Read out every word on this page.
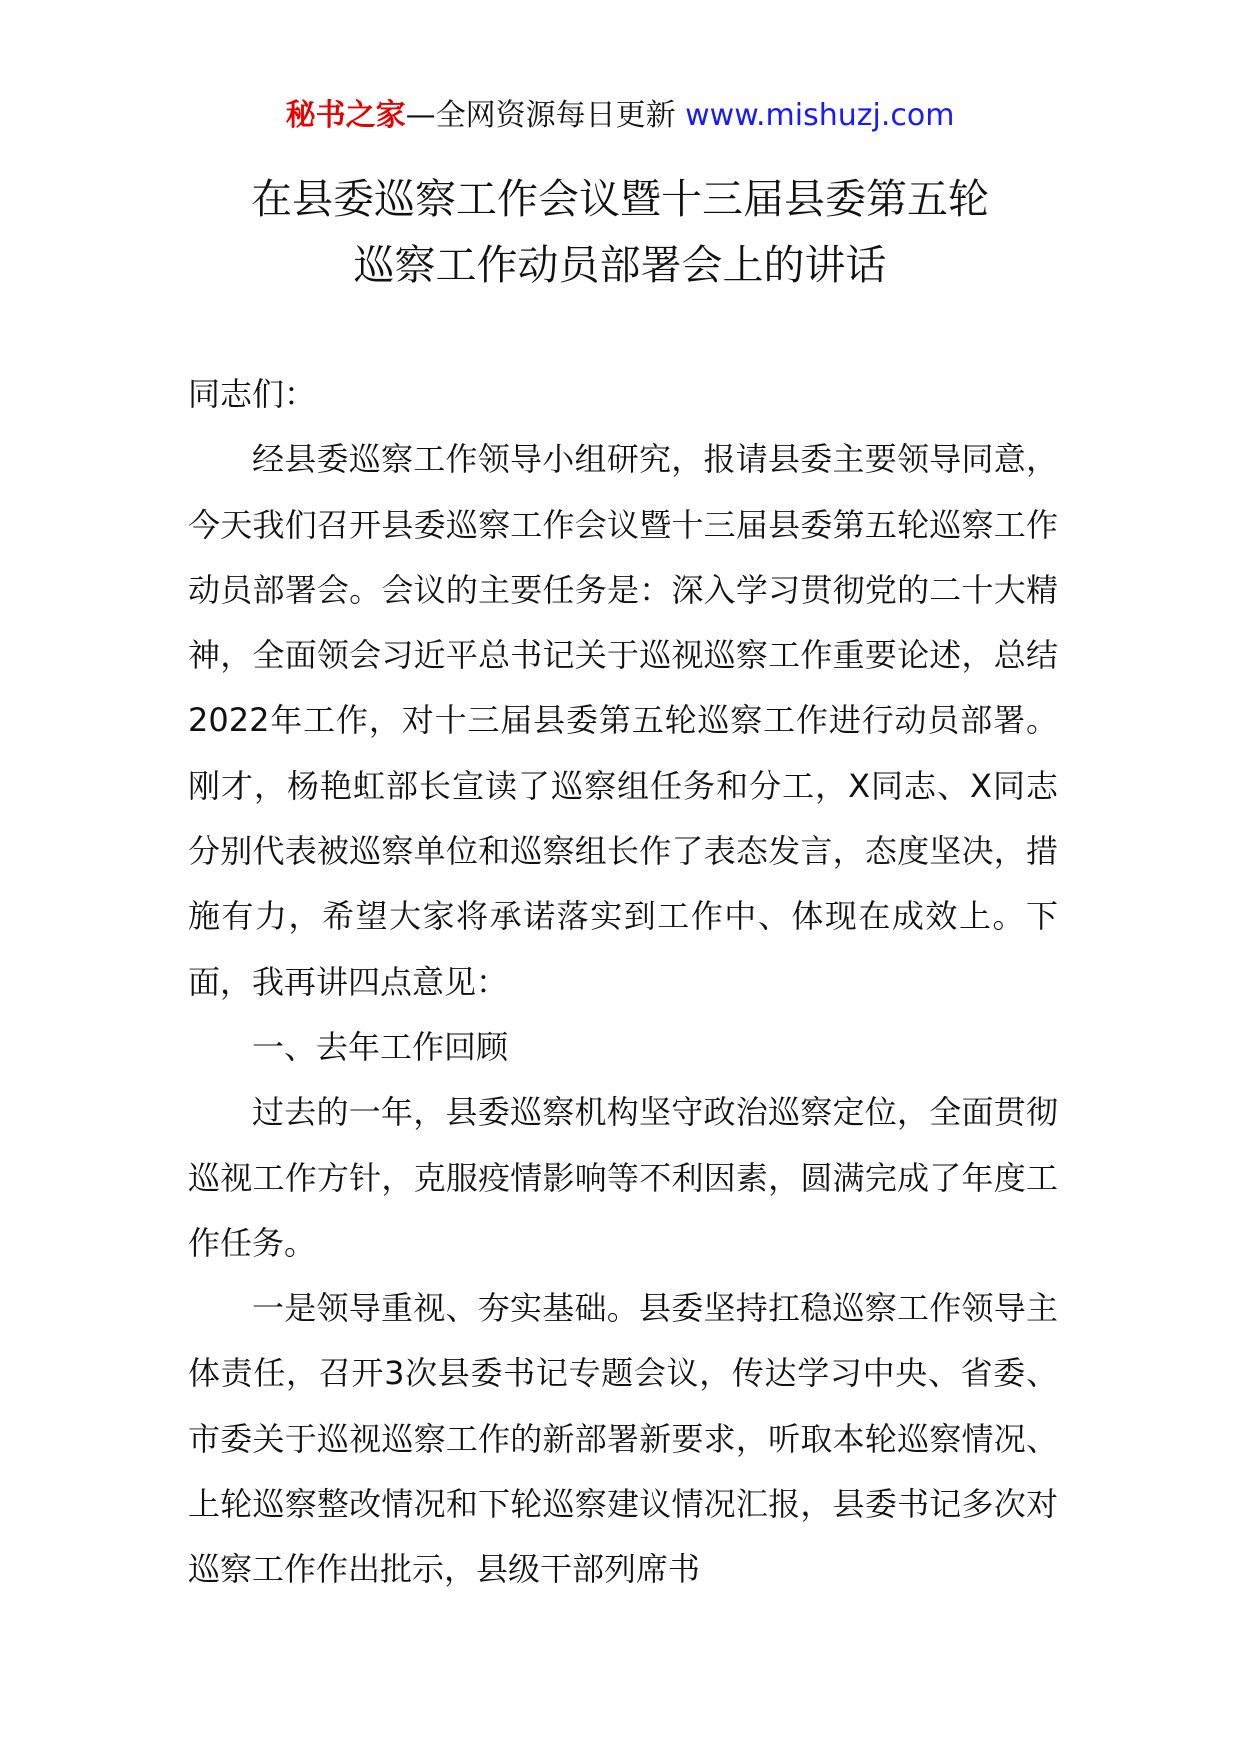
秘书之家—全网资源每日更新 www.mishuzj.com
在县委巡察工作会议暨十三届县委第五轮
巡察工作动员部署会上的讲话

同志们：

经县委巡察工作领导小组研究，报请县委主要领导同意，今天我们召开县委巡察工作会议暨十三届县委第五轮巡察工作动员部署会。会议的主要任务是：深入学习贯彻党的二十大精神，全面领会习近平总书记关于巡视巡察工作重要论述，总结2022年工作，对十三届县委第五轮巡察工作进行动员部署。刚才，杨艳虹部长宣读了巡察组任务和分工，X同志、X同志分别代表被巡察单位和巡察组长作了表态发言，态度坚决，措施有力，希望大家将承诺落实到工作中、体现在成效上。下面，我再讲四点意见：

一、去年工作回顾

过去的一年，县委巡察机构坚守政治巡察定位，全面贯彻巡视工作方针，克服疫情影响等不利因素，圆满完成了年度工作任务。

一是领导重视、夯实基础。县委坚持扛稳巡察工作领导主体责任，召开3次县委书记专题会议，传达学习中央、省委、市委关于巡视巡察工作的新部署新要求，听取本轮巡察情况、上轮巡察整改情况和下轮巡察建议情况汇报，县委书记多次对巡察工作作出批示，县级干部列席书
